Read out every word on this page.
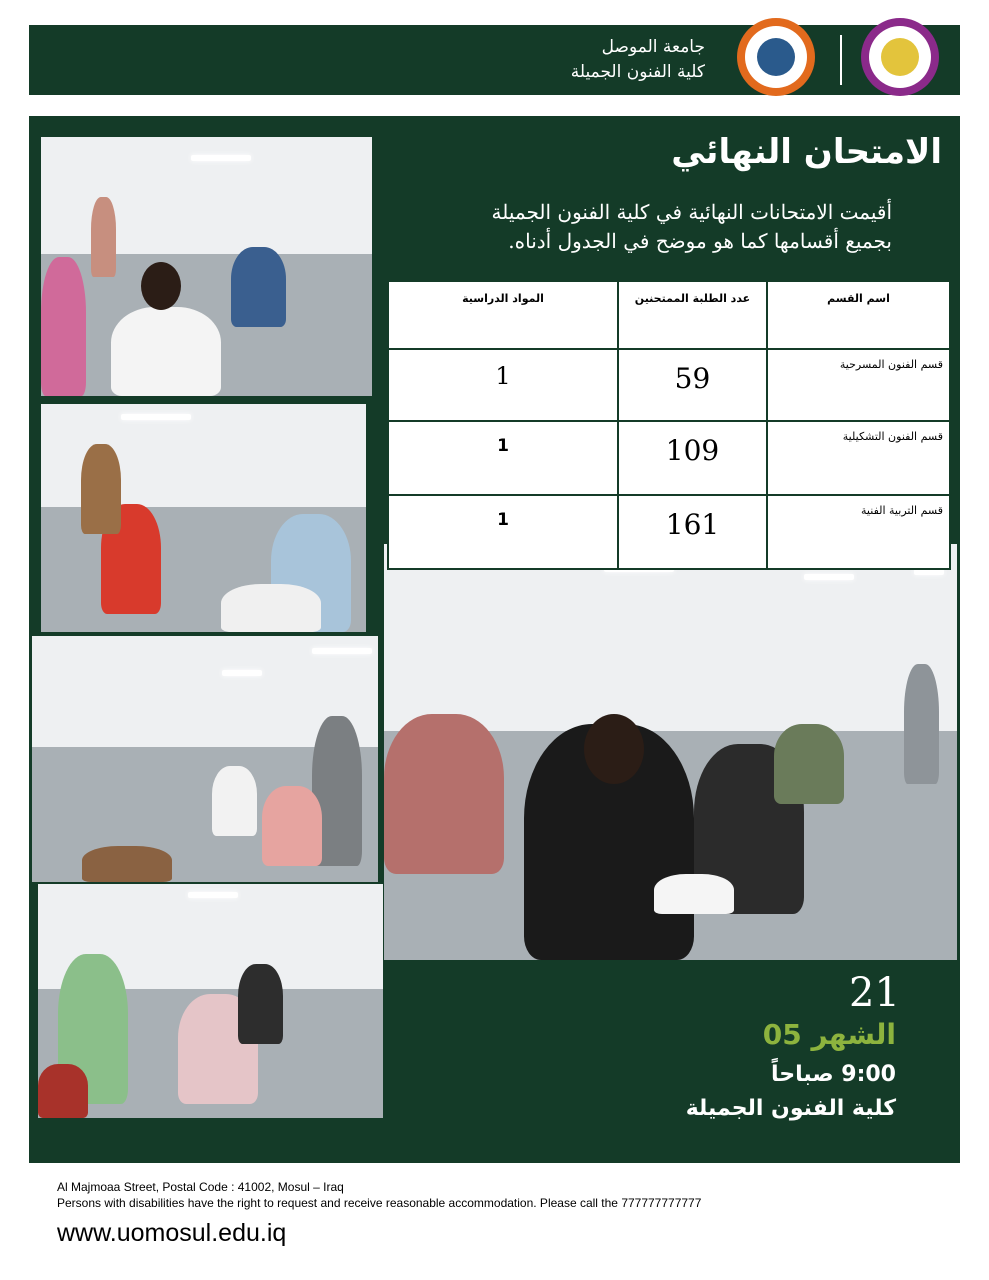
جامعة الموصل
كلية الفنون الجميلة
الامتحان النهائي
أقيمت الامتحانات النهائية في كلية الفنون الجميلة بجميع أقسامها كما هو موضح في الجدول أدناه.
اسم القسم	عدد الطلبة الممتحنين	المواد الدراسية
قسم الفنون المسرحية	59	1
قسم الفنون التشكيلية	109	1
قسم التربية الفنية	161	1
21
الشهر 05
9:00 صباحاً
كلية الفنون الجميلة
Al Majmoaa Street, Postal Code : 41002, Mosul – Iraq
Persons with disabilities have the right to request and receive reasonable accommodation. Please call the 777777777777
www.uomosul.edu.iq
